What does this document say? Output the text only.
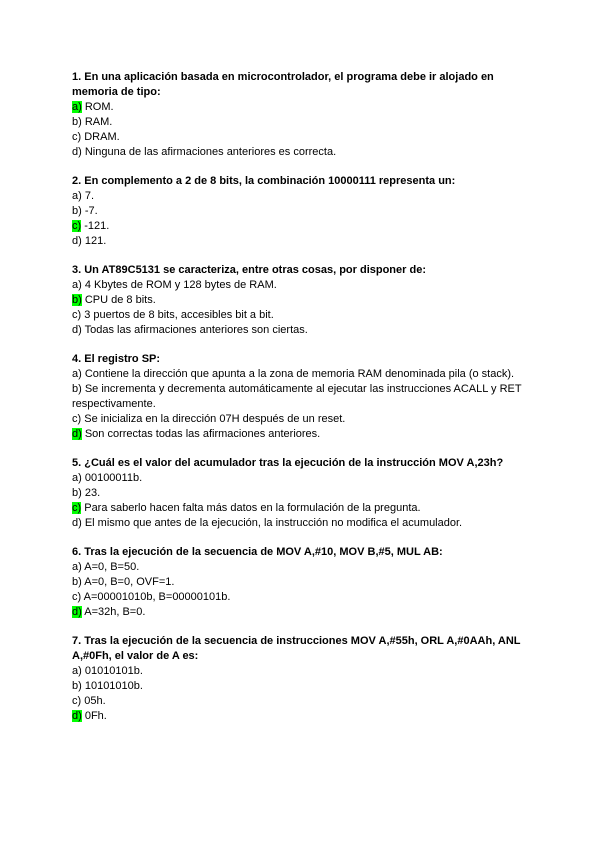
1. En una aplicación basada en microcontrolador, el programa debe ir alojado en memoria de tipo:
a) ROM.
b) RAM.
c) DRAM.
d) Ninguna de las afirmaciones anteriores es correcta.
2. En complemento a 2 de 8 bits, la combinación 10000111 representa un:
a) 7.
b) -7.
c) -121.
d) 121.
3. Un AT89C5131 se caracteriza, entre otras cosas, por disponer de:
a) 4 Kbytes de ROM y 128 bytes de RAM.
b) CPU de 8 bits.
c) 3 puertos de 8 bits, accesibles bit a bit.
d) Todas las afirmaciones anteriores son ciertas.
4. El registro SP:
a) Contiene la dirección que apunta a la zona de memoria RAM denominada pila (o stack).
b) Se incrementa y decrementa automáticamente al ejecutar las instrucciones ACALL y RET respectivamente.
c) Se inicializa en la dirección 07H después de un reset.
d) Son correctas todas las afirmaciones anteriores.
5. ¿Cuál es el valor del acumulador tras la ejecución de la instrucción MOV A,23h?
a) 00100011b.
b) 23.
c) Para saberlo hacen falta más datos en la formulación de la pregunta.
d) El mismo que antes de la ejecución, la instrucción no modifica el acumulador.
6. Tras la ejecución de la secuencia de MOV A,#10, MOV B,#5, MUL AB:
a) A=0, B=50.
b) A=0, B=0, OVF=1.
c) A=00001010b, B=00000101b.
d) A=32h, B=0.
7. Tras la ejecución de la secuencia de instrucciones MOV A,#55h, ORL A,#0AAh, ANL A,#0Fh, el valor de A es:
a) 01010101b.
b) 10101010b.
c) 05h.
d) 0Fh.
